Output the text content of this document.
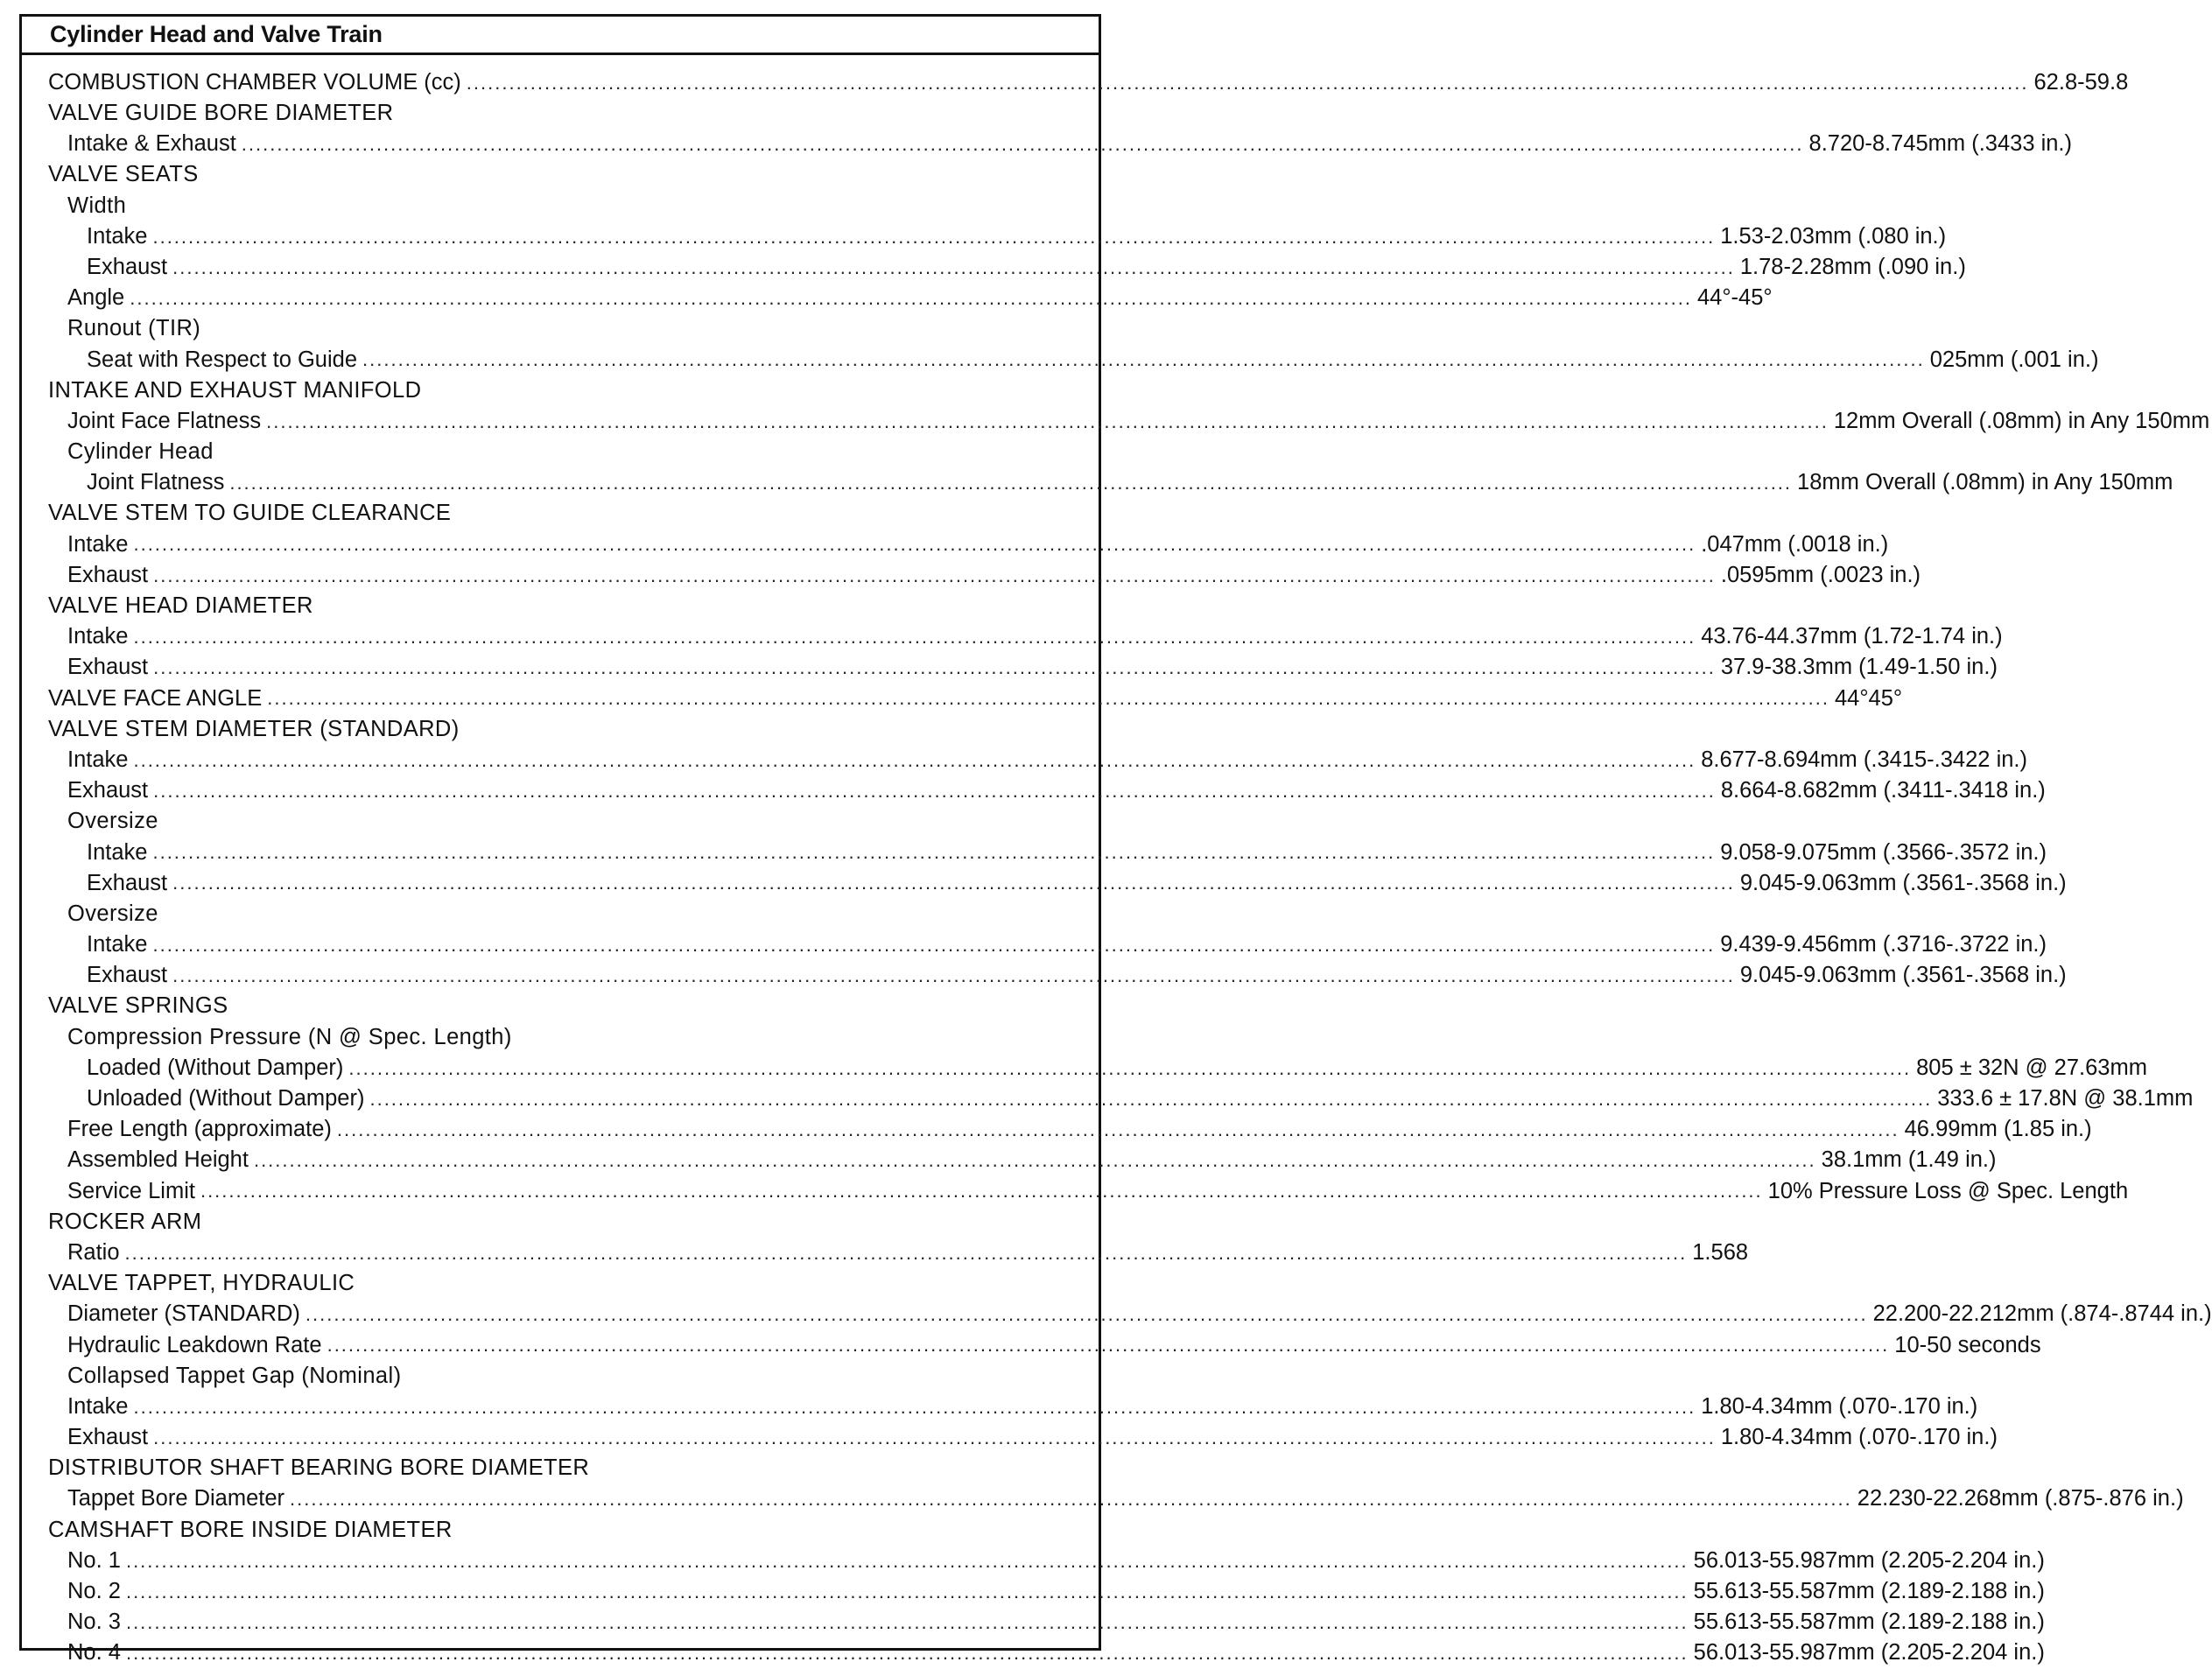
Cylinder Head and Valve Train
COMBUSTION CHAMBER VOLUME (cc) ............................................................................................................................................................................................................................ 62.8-59.8
VALVE GUIDE BORE DIAMETER
Intake & Exhaust ............................................................................................................................................................................................................................ 8.720-8.745mm (.3433 in.)
VALVE SEATS
Width
Intake ............................................................................................................................................................................................................................ 1.53-2.03mm (.080 in.)
Exhaust ............................................................................................................................................................................................................................ 1.78-2.28mm (.090 in.)
Angle ............................................................................................................................................................................................................................ 44°-45°
Runout (TIR)
Seat with Respect to Guide ............................................................................................................................................................................................................................ 025mm (.001 in.)
INTAKE AND EXHAUST MANIFOLD
Joint Face Flatness ............................................................................................................................................................................................................................ 12mm Overall (.08mm) in Any 150mm
Cylinder Head
Joint Flatness ............................................................................................................................................................................................................................ 18mm Overall (.08mm) in Any 150mm
VALVE STEM TO GUIDE CLEARANCE
Intake ............................................................................................................................................................................................................................ .047mm (.0018 in.)
Exhaust ............................................................................................................................................................................................................................ .0595mm (.0023 in.)
VALVE HEAD DIAMETER
Intake ............................................................................................................................................................................................................................ 43.76-44.37mm (1.72-1.74 in.)
Exhaust ............................................................................................................................................................................................................................ 37.9-38.3mm (1.49-1.50 in.)
VALVE FACE ANGLE ............................................................................................................................................................................................................................ 44°45°
VALVE STEM DIAMETER (STANDARD)
Intake ............................................................................................................................................................................................................................ 8.677-8.694mm (.3415-.3422 in.)
Exhaust ............................................................................................................................................................................................................................ 8.664-8.682mm (.3411-.3418 in.)
Oversize
Intake ............................................................................................................................................................................................................................ 9.058-9.075mm (.3566-.3572 in.)
Exhaust ............................................................................................................................................................................................................................ 9.045-9.063mm (.3561-.3568 in.)
Oversize
Intake ............................................................................................................................................................................................................................ 9.439-9.456mm (.3716-.3722 in.)
Exhaust ............................................................................................................................................................................................................................ 9.045-9.063mm (.3561-.3568 in.)
VALVE SPRINGS
Compression Pressure (N @ Spec. Length)
Loaded (Without Damper) ............................................................................................................................................................................................................................ 805 ± 32N @ 27.63mm
Unloaded (Without Damper) ............................................................................................................................................................................................................................ 333.6 ± 17.8N @ 38.1mm
Free Length (approximate) ............................................................................................................................................................................................................................ 46.99mm (1.85 in.)
Assembled Height ............................................................................................................................................................................................................................ 38.1mm (1.49 in.)
Service Limit ............................................................................................................................................................................................................................ 10% Pressure Loss @ Spec. Length
ROCKER ARM
Ratio ............................................................................................................................................................................................................................ 1.568
VALVE TAPPET, HYDRAULIC
Diameter (STANDARD) ............................................................................................................................................................................................................................ 22.200-22.212mm (.874-.8744 in.)
Hydraulic Leakdown Rate ............................................................................................................................................................................................................................ 10-50 seconds
Collapsed Tappet Gap (Nominal)
Intake ............................................................................................................................................................................................................................ 1.80-4.34mm (.070-.170 in.)
Exhaust ............................................................................................................................................................................................................................ 1.80-4.34mm (.070-.170 in.)
DISTRIBUTOR SHAFT BEARING BORE DIAMETER
Tappet Bore Diameter ............................................................................................................................................................................................................................ 22.230-22.268mm (.875-.876 in.)
CAMSHAFT BORE INSIDE DIAMETER
No. 1 ............................................................................................................................................................................................................................ 56.013-55.987mm (2.205-2.204 in.)
No. 2 ............................................................................................................................................................................................................................ 55.613-55.587mm (2.189-2.188 in.)
No. 3 ............................................................................................................................................................................................................................ 55.613-55.587mm (2.189-2.188 in.)
No. 4 ............................................................................................................................................................................................................................ 56.013-55.987mm (2.205-2.204 in.)
